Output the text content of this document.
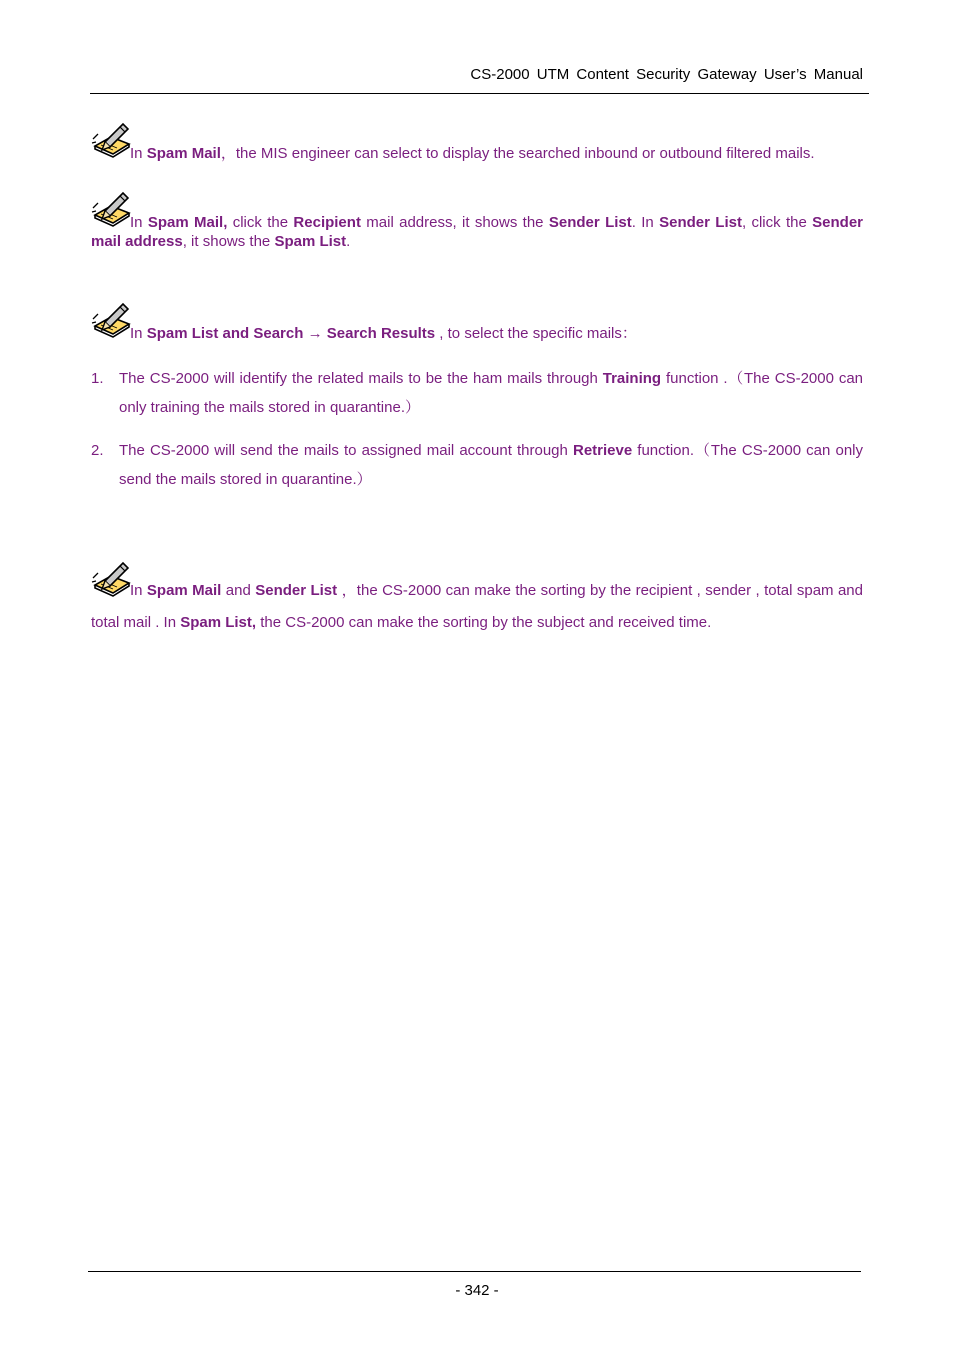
CS-2000 UTM Content Security Gateway User’s Manual
In Spam Mail，the MIS engineer can select to display the searched inbound or outbound filtered mails.
In Spam Mail, click the Recipient mail address, it shows the Sender List. In Sender List, click the Sender mail address, it shows the Spam List.
In Spam List and Search → Search Results , to select the specific mails：
1. The CS-2000 will identify the related mails to be the ham mails through Training function .（The CS-2000 can only training the mails stored in quarantine.）
2. The CS-2000 will send the mails to assigned mail account through Retrieve function.（The CS-2000 can only send the mails stored in quarantine.）
In Spam Mail and Sender List ，the CS-2000 can make the sorting by the recipient , sender , total spam and total mail . In Spam List, the CS-2000 can make the sorting by the subject and received time.
- 342 -
